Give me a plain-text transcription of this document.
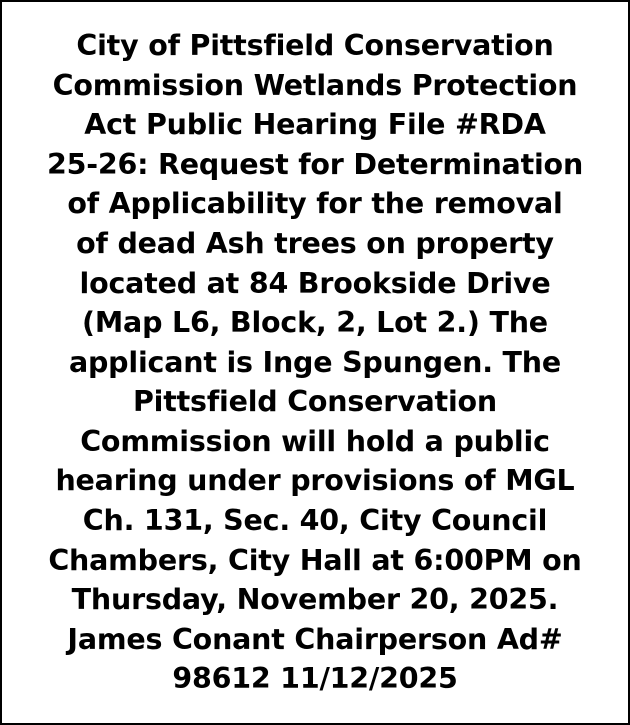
City of Pittsfield Conservation
Commission Wetlands Protection
Act Public Hearing File #RDA
25-26: Request for Determination
of Applicability for the removal
of dead Ash trees on property
located at 84 Brookside Drive
(Map L6, Block, 2, Lot 2.) The
applicant is Inge Spungen. The
Pittsfield Conservation
Commission will hold a public
hearing under provisions of MGL
Ch. 131, Sec. 40, City Council
Chambers, City Hall at 6:00PM on
Thursday, November 20, 2025.
James Conant Chairperson Ad#
98612 11/12/2025
